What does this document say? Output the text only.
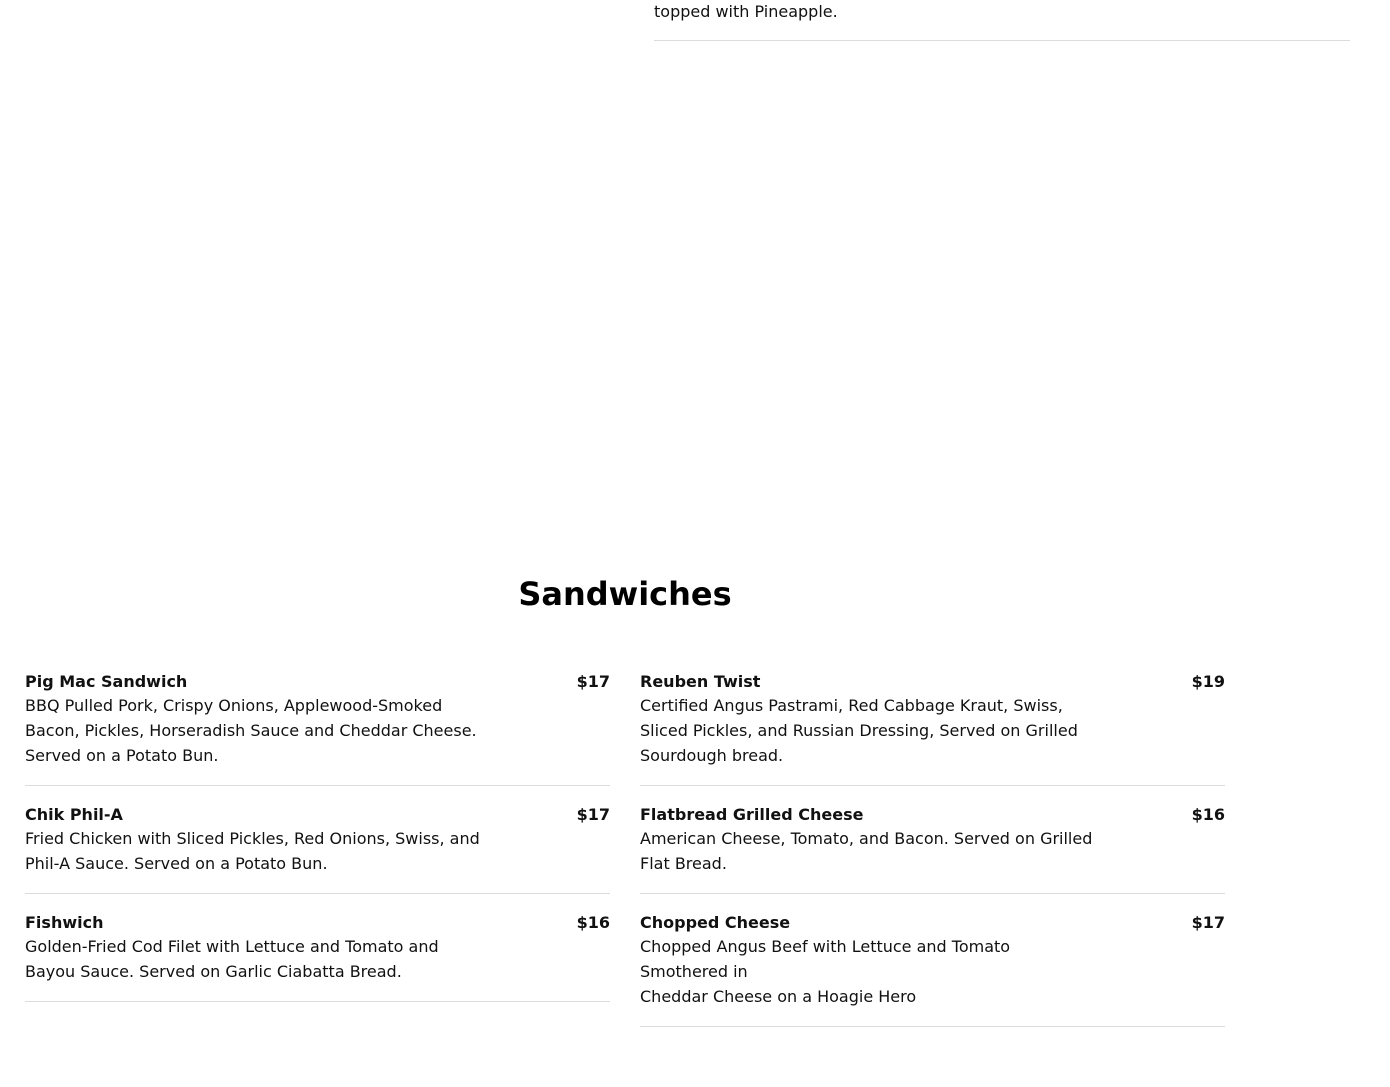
topped with Pineapple.
Sandwiches
Pig Mac Sandwich	$17
BBQ Pulled Pork, Crispy Onions, Applewood-Smoked
Bacon, Pickles, Horseradish Sauce and Cheddar Cheese.
Served on a Potato Bun.
Chik Phil-A	$17
Fried Chicken with Sliced Pickles, Red Onions, Swiss, and
Phil-A Sauce. Served on a Potato Bun.
Fishwich	$16
Golden-Fried Cod Filet with Lettuce and Tomato and
Bayou Sauce. Served on Garlic Ciabatta Bread.
Reuben Twist	$19
Certified Angus Pastrami, Red Cabbage Kraut, Swiss,
Sliced Pickles, and Russian Dressing, Served on Grilled
Sourdough bread.
Flatbread Grilled Cheese	$16
American Cheese, Tomato, and Bacon. Served on Grilled
Flat Bread.
Chopped Cheese	$17
Chopped Angus Beef with Lettuce and Tomato
Smothered in
Cheddar Cheese on a Hoagie Hero
